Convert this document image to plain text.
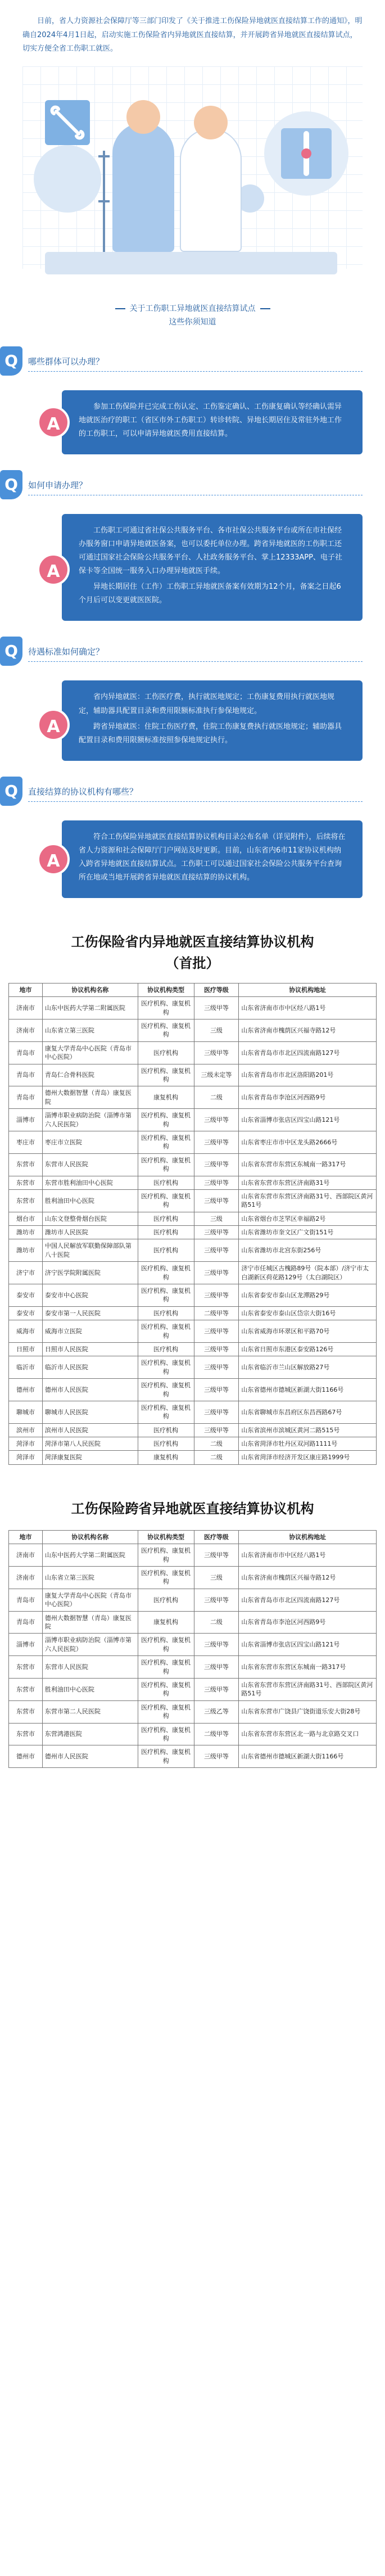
日前，省人力资源社会保障厅等三部门印发了《关于推进工伤保险异地就医直接结算工作的通知》，明确自2024年4月1日起，启动实施工伤保险省内异地就医直接结算，并开展跨省异地就医直接结算试点，切实方便全省工伤职工就医。
关于工伤职工异地就医直接结算试点
这些你须知道
Q	哪些群体可以办理？
A

参加工伤保险并已完成工伤认定、工伤鉴定确认、工伤康复确认等经确认需异地就医治疗的职工（省区市外工伤职工）转诊转院、异地长期居住及常驻外地工作的工伤职工，可以申请异地就医费用直接结算。

Q	如何申请办理？
A

工伤职工可通过省社保公共服务平台、各市社保公共服务平台或所在市社保经办服务窗口申请异地就医备案，也可以委托单位办理。跨省异地就医的工伤职工还可通过国家社会保险公共服务平台、人社政务服务平台、掌上12333APP、电子社保卡等全国统一服务入口办理异地就医手续。

异地长期居住（工作）工伤职工异地就医备案有效期为12个月，备案之日起6个月后可以变更就医医院。

Q	待遇标准如何确定？
A

省内异地就医：工伤医疗费，执行就医地规定；工伤康复费用执行就医地规定，辅助器具配置目录和费用限额标准执行参保地规定。

跨省异地就医：住院工伤医疗费，住院工伤康复费执行就医地规定；辅助器具配置目录和费用限额标准按照参保地规定执行。

Q	直接结算的协议机构有哪些？
A

符合工伤保险异地就医直接结算协议机构目录公布名单（详见附件），后续将在省人力资源和社会保障厅门户网站及时更新。目前，山东省内6市11家协议机构纳入跨省异地就医直接结算试点。工伤职工可以通过国家社会保险公共服务平台查询所在地或当地开展跨省异地就医直接结算的协议机构。

工伤保险省内异地就医直接结算协议机构
（首批）
地市	协议机构名称	协议机构类型	医疗等级	协议机构地址
济南市	山东中医药大学第二附属医院	医疗机构、康复机构	三级甲等	山东省济南市市中区经八路1号
济南市	山东省立第三医院	医疗机构、康复机构	三级	山东省济南市槐荫区兴福寺路12号
青岛市	康复大学青岛中心医院（青岛市中心医院）	医疗机构	三级甲等	山东省青岛市市北区四流南路127号
青岛市	青岛仁合骨科医院	医疗机构、康复机构	三级未定等	山东省青岛市市北区洛阳路201号
青岛市	德州大数据智慧（青岛）康复医院	康复机构	二级	山东省青岛市李沧区河西路9号
淄博市	淄博市职业病防治院（淄博市第六人民医院）	医疗机构、康复机构	三级甲等	山东省淄博市张店区四宝山路121号
枣庄市	枣庄市立医院	医疗机构、康复机构	三级甲等	山东省枣庄市市中区龙头路2666号
东营市	东营市人民医院	医疗机构、康复机构	三级甲等	山东省东营市东营区东城南一路317号
东营市	东营市胜利油田中心医院	医疗机构	三级甲等	山东省东营市东营区济南路31号
东营市	胜利油田中心医院	医疗机构、康复机构	三级甲等	山东省东营市东营区济南路31号、西部院区黄河路51号
烟台市	山东文登整骨烟台医院	医疗机构	三级	山东省烟台市芝罘区幸福路2号
潍坊市	潍坊市人民医院	医疗机构	三级甲等	山东省潍坊市奎文区广文街151号
潍坊市	中国人民解放军联勤保障部队第八十医院	医疗机构	三级甲等	山东省潍坊市北宫东街256号
济宁市	济宁医学院附属医院	医疗机构、康复机构	三级甲等	济宁市任城区古槐路89号（院本部）/济宁市太白湖新区荷花路129号（太白湖院区）
泰安市	泰安市中心医院	医疗机构、康复机构	三级甲等	山东省泰安市泰山区龙潭路29号
泰安市	泰安市第一人民医院	医疗机构	二级甲等	山东省泰安市泰山区岱宗大街16号
威海市	威海市立医院	医疗机构、康复机构	三级甲等	山东省威海市环翠区和平路70号
日照市	日照市人民医院	医疗机构	三级甲等	山东省日照市东港区泰安路126号
临沂市	临沂市人民医院	医疗机构、康复机构	三级甲等	山东省临沂市兰山区解放路27号
德州市	德州市人民医院	医疗机构、康复机构	三级甲等	山东省德州市德城区新湖大街1166号
聊城市	聊城市人民医院	医疗机构、康复机构	三级甲等	山东省聊城市东昌府区东昌西路67号
滨州市	滨州市人民医院	医疗机构	三级甲等	山东省滨州市滨城区黄河二路515号
菏泽市	菏泽市第八人民医院	医疗机构	二级	山东省菏泽市牡丹区双河路1111号
菏泽市	菏泽康复医院	康复机构	二级	山东省菏泽市经济开发区康庄路1999号
工伤保险跨省异地就医直接结算协议机构
地市	协议机构名称	协议机构类型	医疗等级	协议机构地址
济南市	山东中医药大学第二附属医院	医疗机构、康复机构	三级甲等	山东省济南市市中区经八路1号
济南市	山东省立第三医院	医疗机构、康复机构	三级	山东省济南市槐荫区兴福寺路12号
青岛市	康复大学青岛中心医院（青岛市中心医院）	医疗机构	三级甲等	山东省青岛市市北区四流南路127号
青岛市	德州大数据智慧（青岛）康复医院	康复机构	二级	山东省青岛市李沧区河西路9号
淄博市	淄博市职业病防治院（淄博市第六人民医院）	医疗机构、康复机构	三级甲等	山东省淄博市张店区四宝山路121号
东营市	东营市人民医院	医疗机构、康复机构	三级甲等	山东省东营市东营区东城南一路317号
东营市	胜利油田中心医院	医疗机构、康复机构	三级甲等	山东省东营市东营区济南路31号、西部院区黄河路51号
东营市	东营市第二人民医院	医疗机构、康复机构	三级乙等	山东省东营市广饶县广饶街道乐安大街28号
东营市	东营鸿港医院	医疗机构、康复机构	二级甲等	山东省东营市东营区北一路与北京路交叉口
德州市	德州市人民医院	医疗机构、康复机构	三级甲等	山东省德州市德城区新湖大街1166号
